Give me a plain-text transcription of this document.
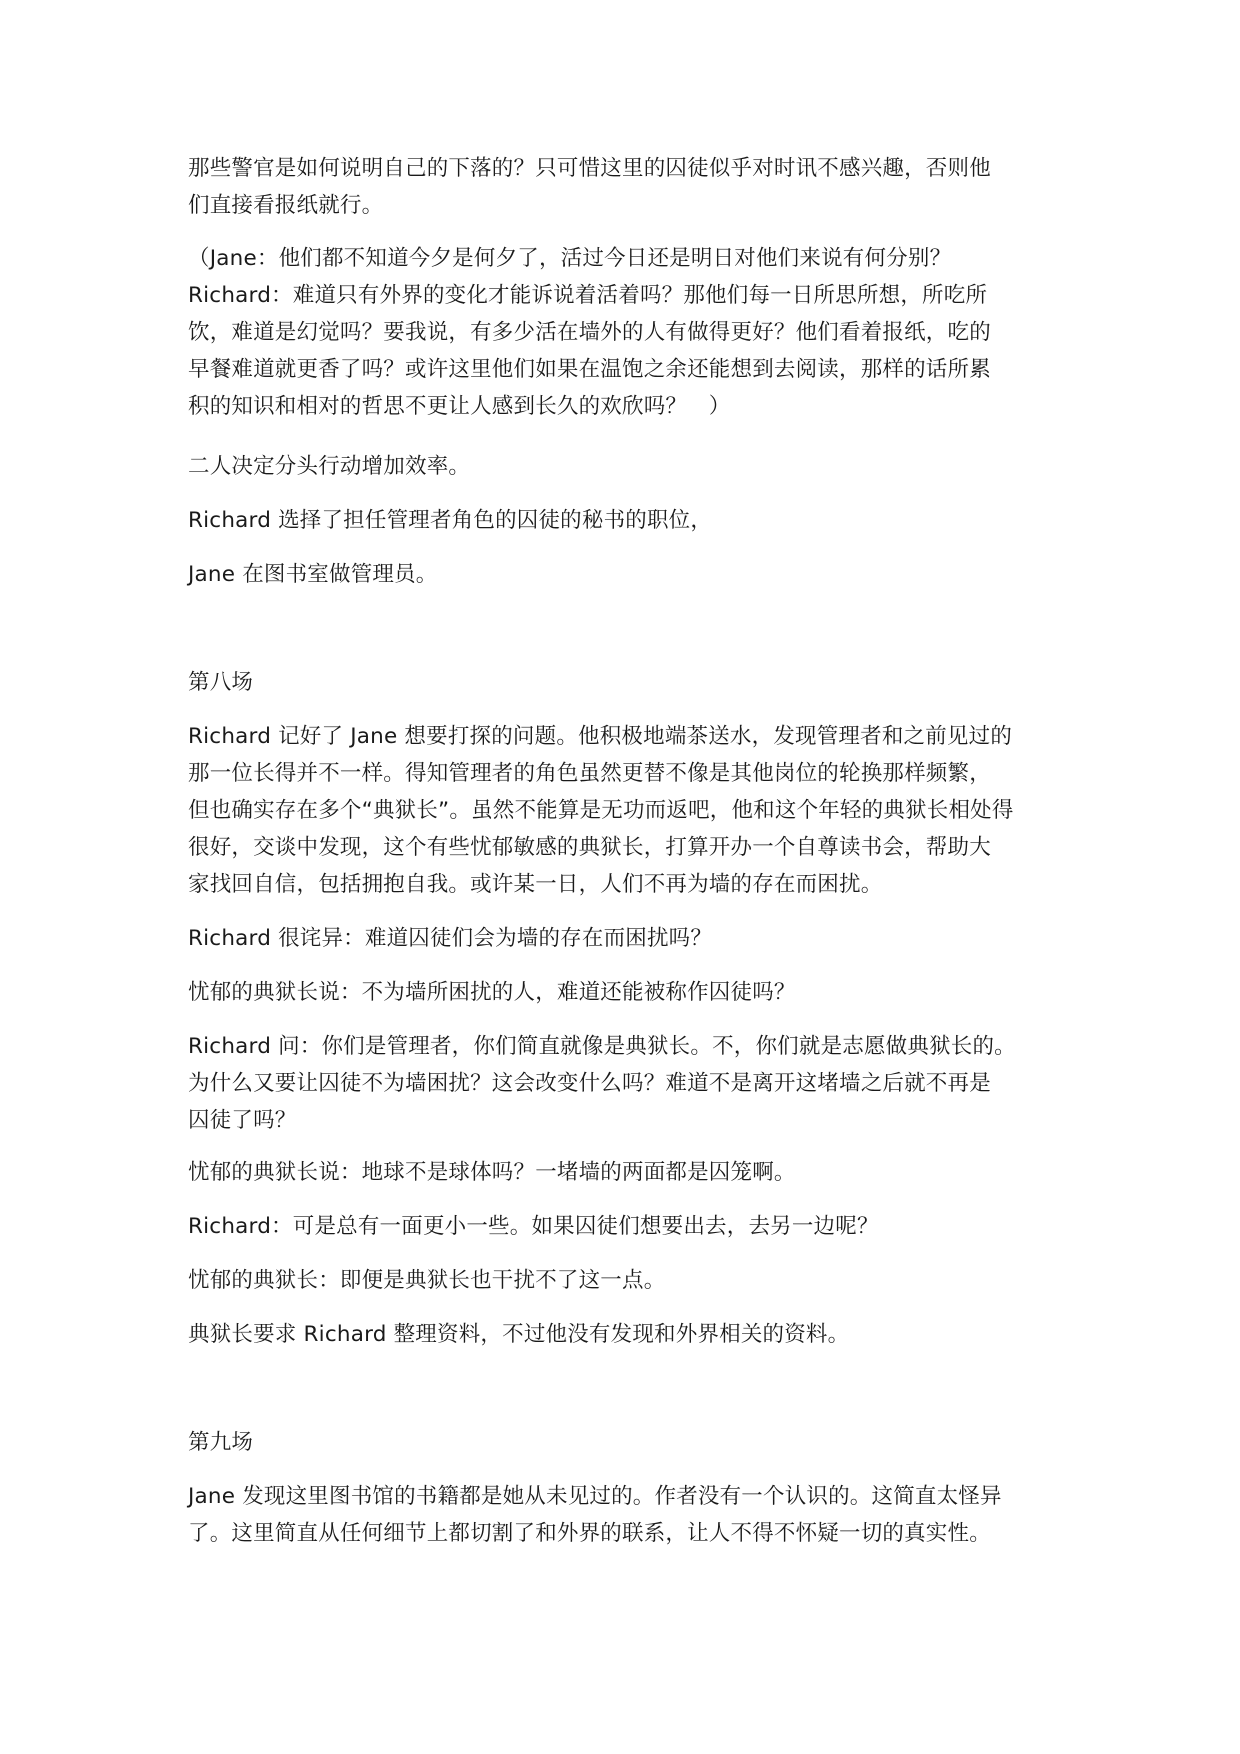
那些警官是如何说明自己的下落的？只可惜这里的囚徒似乎对时讯不感兴趣，否则他
们直接看报纸就行。
（Jane：他们都不知道今夕是何夕了，活过今日还是明日对他们来说有何分别？
Richard：难道只有外界的变化才能诉说着活着吗？那他们每一日所思所想，所吃所
饮，难道是幻觉吗？要我说，有多少活在墙外的人有做得更好？他们看着报纸，吃的
早餐难道就更香了吗？或许这里他们如果在温饱之余还能想到去阅读，那样的话所累
积的知识和相对的哲思不更让人感到长久的欢欣吗？　）
二人决定分头行动增加效率。
Richard 选择了担任管理者角色的囚徒的秘书的职位，
Jane 在图书室做管理员。
第八场
Richard 记好了 Jane 想要打探的问题。他积极地端茶送水，发现管理者和之前见过的
那一位长得并不一样。得知管理者的角色虽然更替不像是其他岗位的轮换那样频繁，
但也确实存在多个“典狱长”。虽然不能算是无功而返吧，他和这个年轻的典狱长相处得
很好，交谈中发现，这个有些忧郁敏感的典狱长，打算开办一个自尊读书会，帮助大
家找回自信，包括拥抱自我。或许某一日，人们不再为墙的存在而困扰。
Richard 很诧异：难道囚徒们会为墙的存在而困扰吗？
忧郁的典狱长说：不为墙所困扰的人，难道还能被称作囚徒吗？
Richard 问：你们是管理者，你们简直就像是典狱长。不，你们就是志愿做典狱长的。
为什么又要让囚徒不为墙困扰？这会改变什么吗？难道不是离开这堵墙之后就不再是
囚徒了吗？
忧郁的典狱长说：地球不是球体吗？一堵墙的两面都是囚笼啊。
Richard：可是总有一面更小一些。如果囚徒们想要出去，去另一边呢？
忧郁的典狱长：即便是典狱长也干扰不了这一点。
典狱长要求 Richard 整理资料，不过他没有发现和外界相关的资料。
第九场
Jane 发现这里图书馆的书籍都是她从未见过的。作者没有一个认识的。这简直太怪异
了。这里简直从任何细节上都切割了和外界的联系，让人不得不怀疑一切的真实性。
